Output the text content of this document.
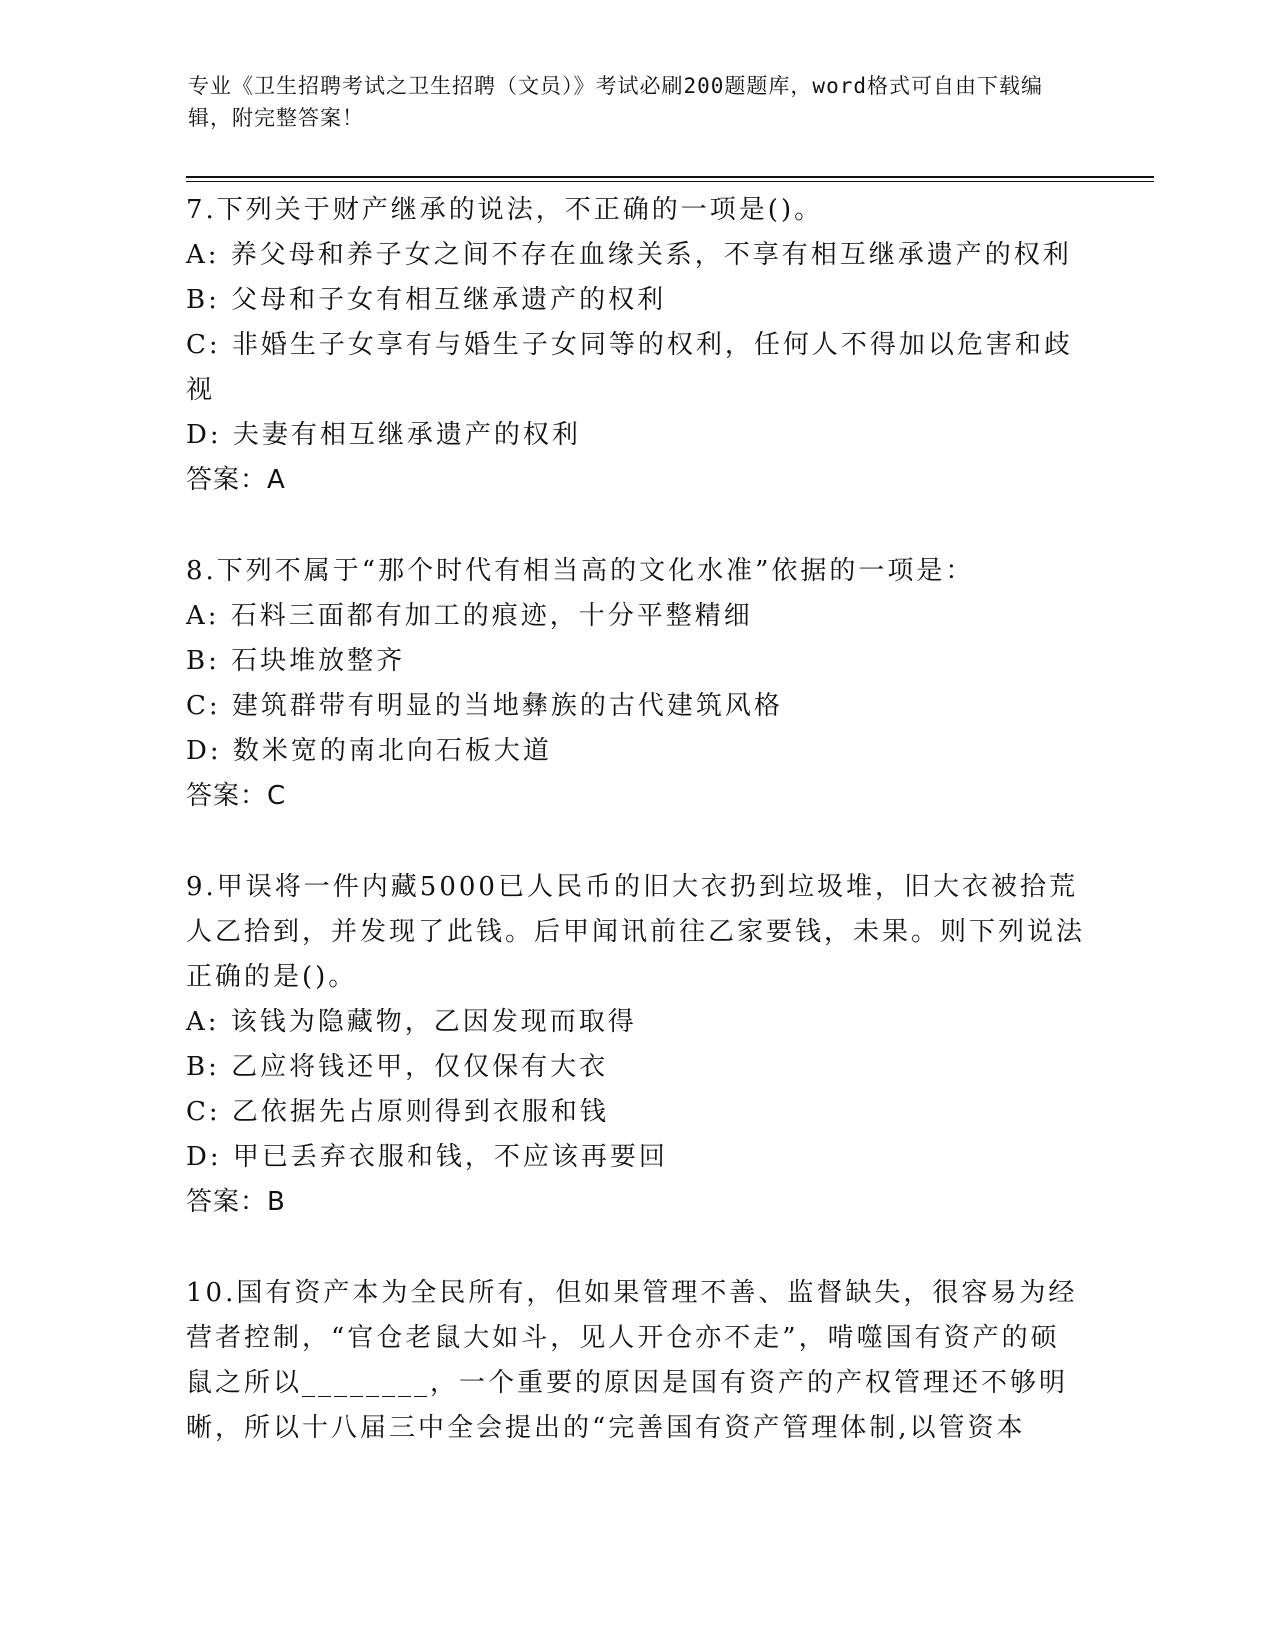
专业《卫生招聘考试之卫生招聘（文员）》考试必刷200题题库，word格式可自由下载编辑，附完整答案！
7.下列关于财产继承的说法，不正确的一项是()。
A: 养父母和养子女之间不存在血缘关系，不享有相互继承遗产的权利
B: 父母和子女有相互继承遗产的权利
C: 非婚生子女享有与婚生子女同等的权利，任何人不得加以危害和歧视
D: 夫妻有相互继承遗产的权利
答案：A
8.下列不属于“那个时代有相当高的文化水准”依据的一项是：
A: 石料三面都有加工的痕迹，十分平整精细
B: 石块堆放整齐
C: 建筑群带有明显的当地彝族的古代建筑风格
D: 数米宽的南北向石板大道
答案：C
9.甲误将一件内藏5000已人民币的旧大衣扔到垃圾堆，旧大衣被拾荒人乙拾到，并发现了此钱。后甲闻讯前往乙家要钱，未果。则下列说法正确的是()。
A: 该钱为隐藏物，乙因发现而取得
B: 乙应将钱还甲，仅仅保有大衣
C: 乙依据先占原则得到衣服和钱
D: 甲已丢弃衣服和钱，不应该再要回
答案：B
10.国有资产本为全民所有，但如果管理不善、监督缺失，很容易为经营者控制，“官仓老鼠大如斗，见人开仓亦不走”，啃噬国有资产的硕鼠之所以________，一个重要的原因是国有资产的产权管理还不够明晰，所以十八届三中全会提出的“完善国有资产管理体制,以管资本
